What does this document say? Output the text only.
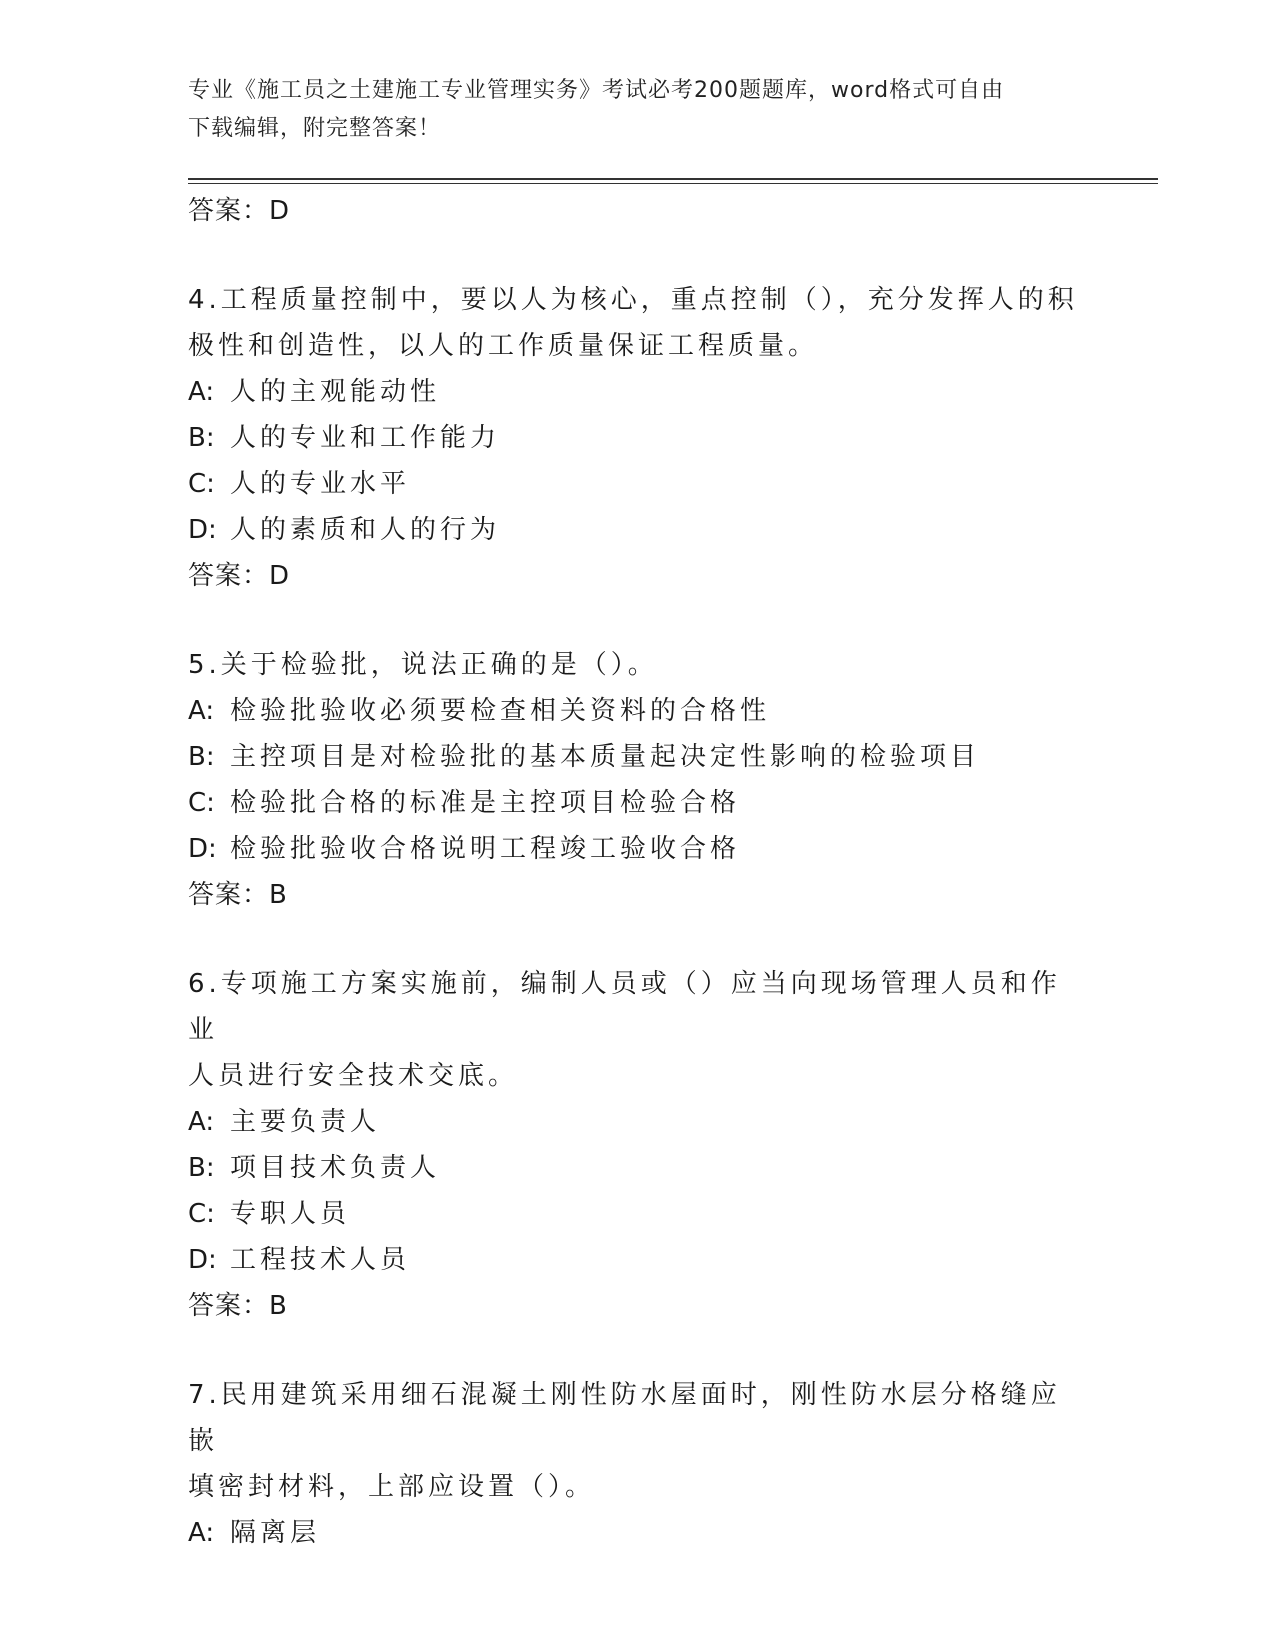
专业《施工员之土建施工专业管理实务》考试必考200题题库，word格式可自由
下载编辑，附完整答案！
答案：D

4.工程质量控制中，要以人为核心，重点控制（），充分发挥人的积
极性和创造性，以人的工作质量保证工程质量。

A: 人的主观能动性
B: 人的专业和工作能力
C: 人的专业水平
D: 人的素质和人的行为
答案：D

5.关于检验批，说法正确的是（）。

A: 检验批验收必须要检查相关资料的合格性
B: 主控项目是对检验批的基本质量起决定性影响的检验项目
C: 检验批合格的标准是主控项目检验合格
D: 检验批验收合格说明工程竣工验收合格
答案：B

6.专项施工方案实施前，编制人员或（）应当向现场管理人员和作业
人员进行安全技术交底。

A: 主要负责人
B: 项目技术负责人
C: 专职人员
D: 工程技术人员
答案：B

7.民用建筑采用细石混凝土刚性防水屋面时，刚性防水层分格缝应嵌
填密封材料，上部应设置（）。

A: 隔离层
